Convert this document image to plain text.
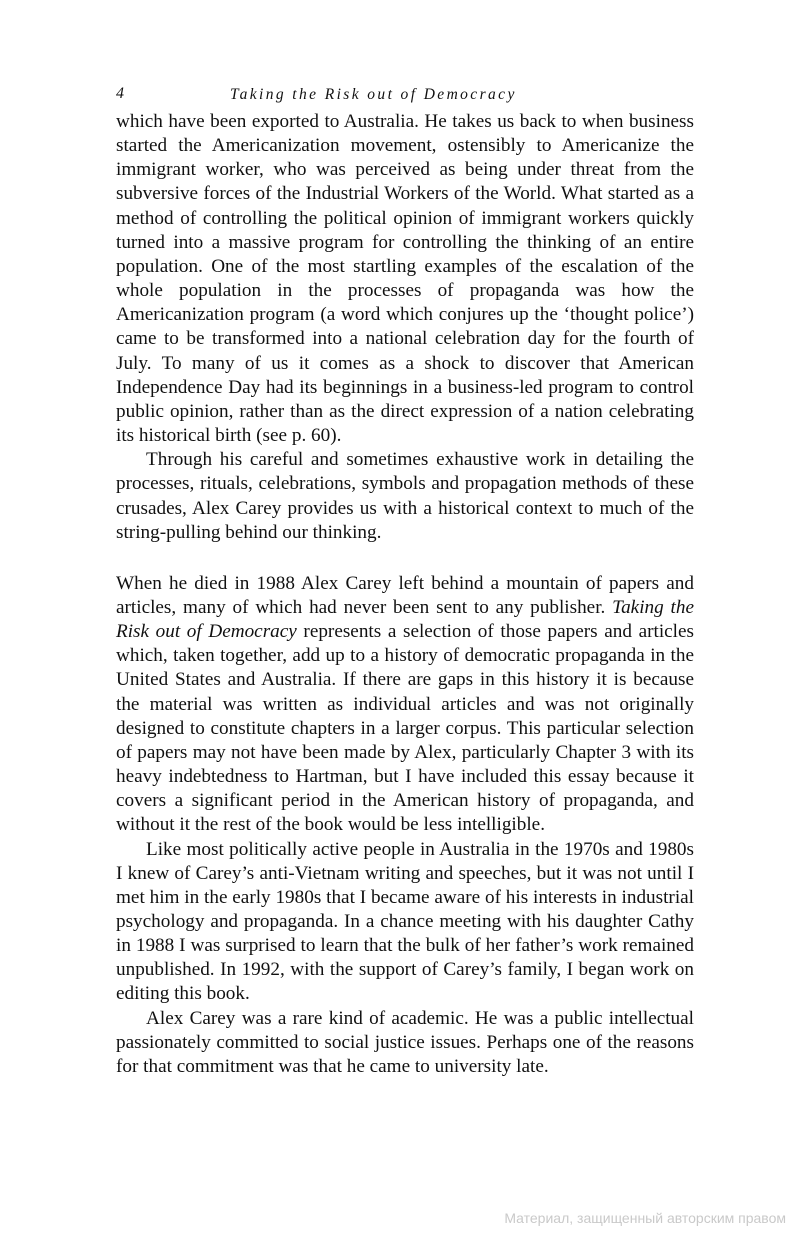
4	Taking the Risk out of Democracy

which have been exported to Australia. He takes us back to when business started the Americanization movement, ostensibly to Americanize the immigrant worker, who was perceived as being under threat from the subversive forces of the Industrial Workers of the World. What started as a method of controlling the political opinion of immigrant workers quickly turned into a massive program for controlling the thinking of an entire population. One of the most startling examples of the escalation of the whole population in the processes of propaganda was how the Americanization program (a word which conjures up the ‘thought police’) came to be transformed into a national celebration day for the fourth of July. To many of us it comes as a shock to discover that American Independence Day had its beginnings in a business-led program to control public opinion, rather than as the direct expression of a nation celebrating its historical birth (see p. 60).

Through his careful and sometimes exhaustive work in detailing the processes, rituals, celebrations, symbols and propagation methods of these crusades, Alex Carey provides us with a historical context to much of the string-pulling behind our thinking.

When he died in 1988 Alex Carey left behind a mountain of papers and articles, many of which had never been sent to any publisher. Taking the Risk out of Democracy represents a selection of those papers and articles which, taken together, add up to a history of democratic propaganda in the United States and Australia. If there are gaps in this history it is because the material was written as individual articles and was not originally designed to constitute chapters in a larger corpus. This particular selection of papers may not have been made by Alex, particularly Chapter 3 with its heavy indebtedness to Hartman, but I have included this essay because it covers a significant period in the American history of propaganda, and without it the rest of the book would be less intelligible.

Like most politically active people in Australia in the 1970s and 1980s I knew of Carey’s anti-Vietnam writing and speeches, but it was not until I met him in the early 1980s that I became aware of his interests in industrial psychology and propaganda. In a chance meeting with his daughter Cathy in 1988 I was surprised to learn that the bulk of her father’s work remained unpublished. In 1992, with the support of Carey’s family, I began work on editing this book.

Alex Carey was a rare kind of academic. He was a public intellectual passionately committed to social justice issues. Perhaps one of the reasons for that commitment was that he came to university late.

Материал, защищенный авторским правом
